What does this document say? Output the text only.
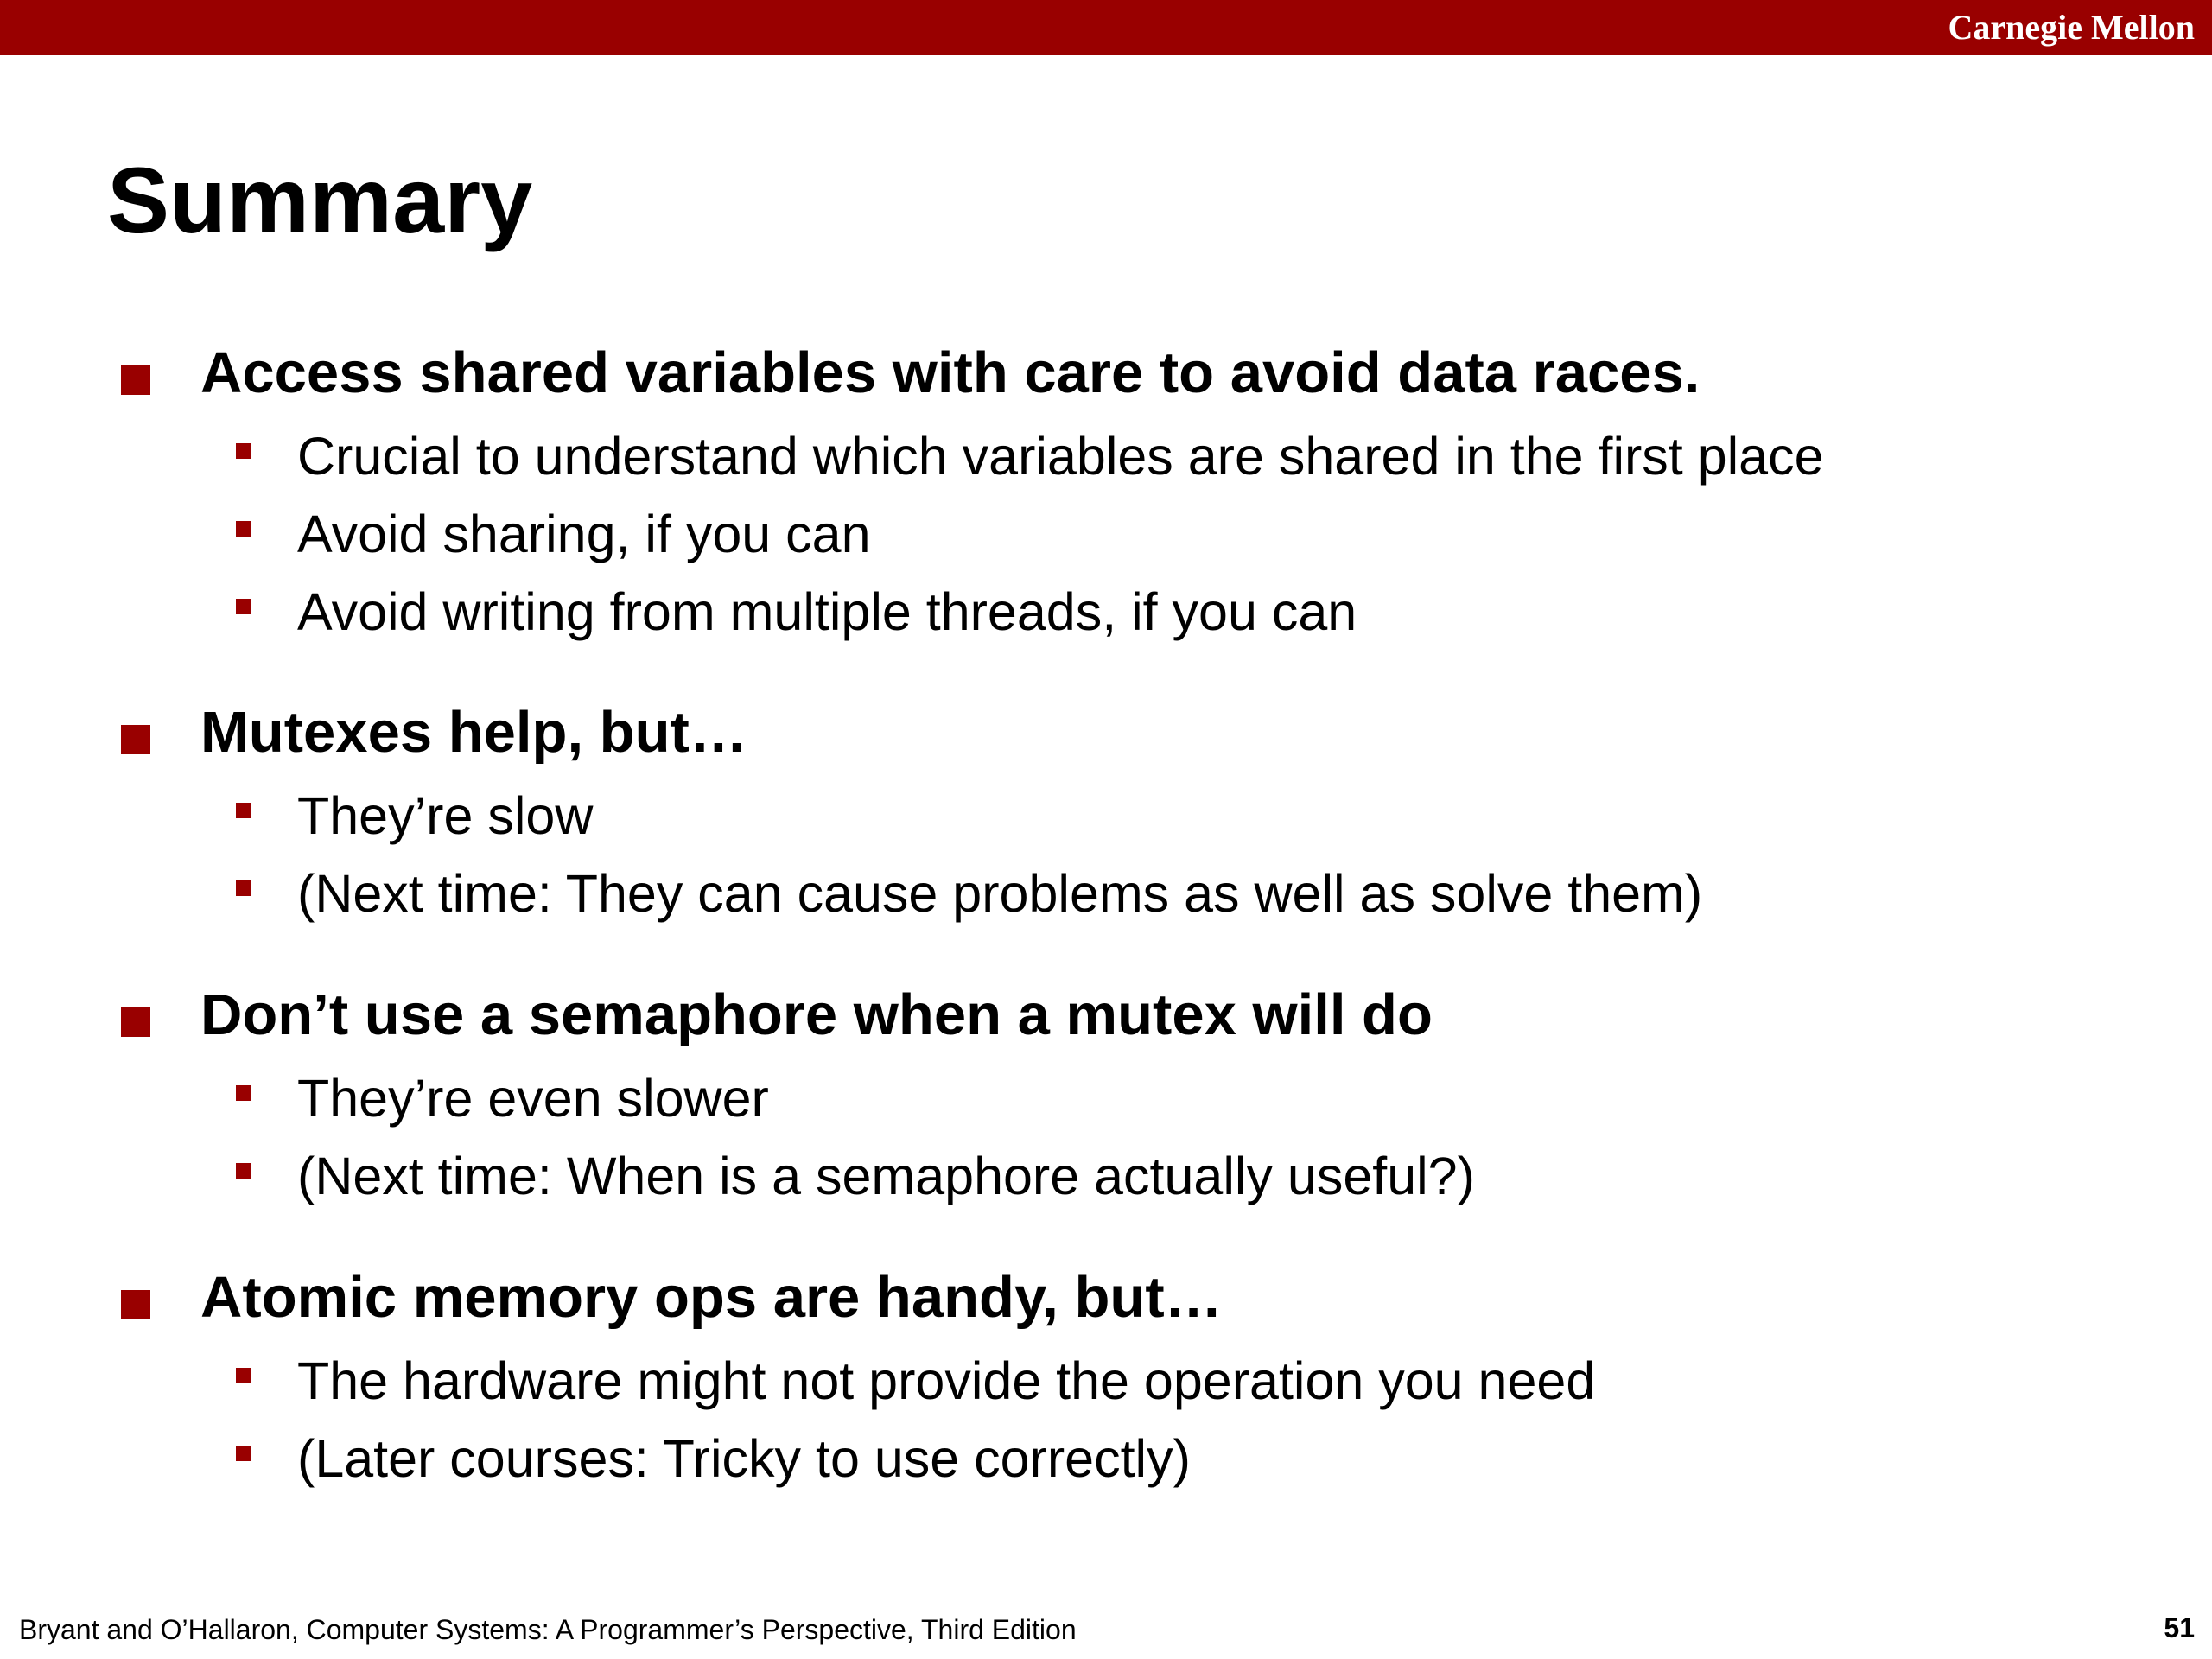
Carnegie Mellon
Summary
Access shared variables with care to avoid data races.
Crucial to understand which variables are shared in the first place
Avoid sharing, if you can
Avoid writing from multiple threads, if you can
Mutexes help, but…
They’re slow
(Next time: They can cause problems as well as solve them)
Don’t use a semaphore when a mutex will do
They’re even slower
(Next time: When is a semaphore actually useful?)
Atomic memory ops are handy, but…
The hardware might not provide the operation you need
(Later courses: Tricky to use correctly)
Bryant and O’Hallaron, Computer Systems: A Programmer’s Perspective, Third Edition	51
